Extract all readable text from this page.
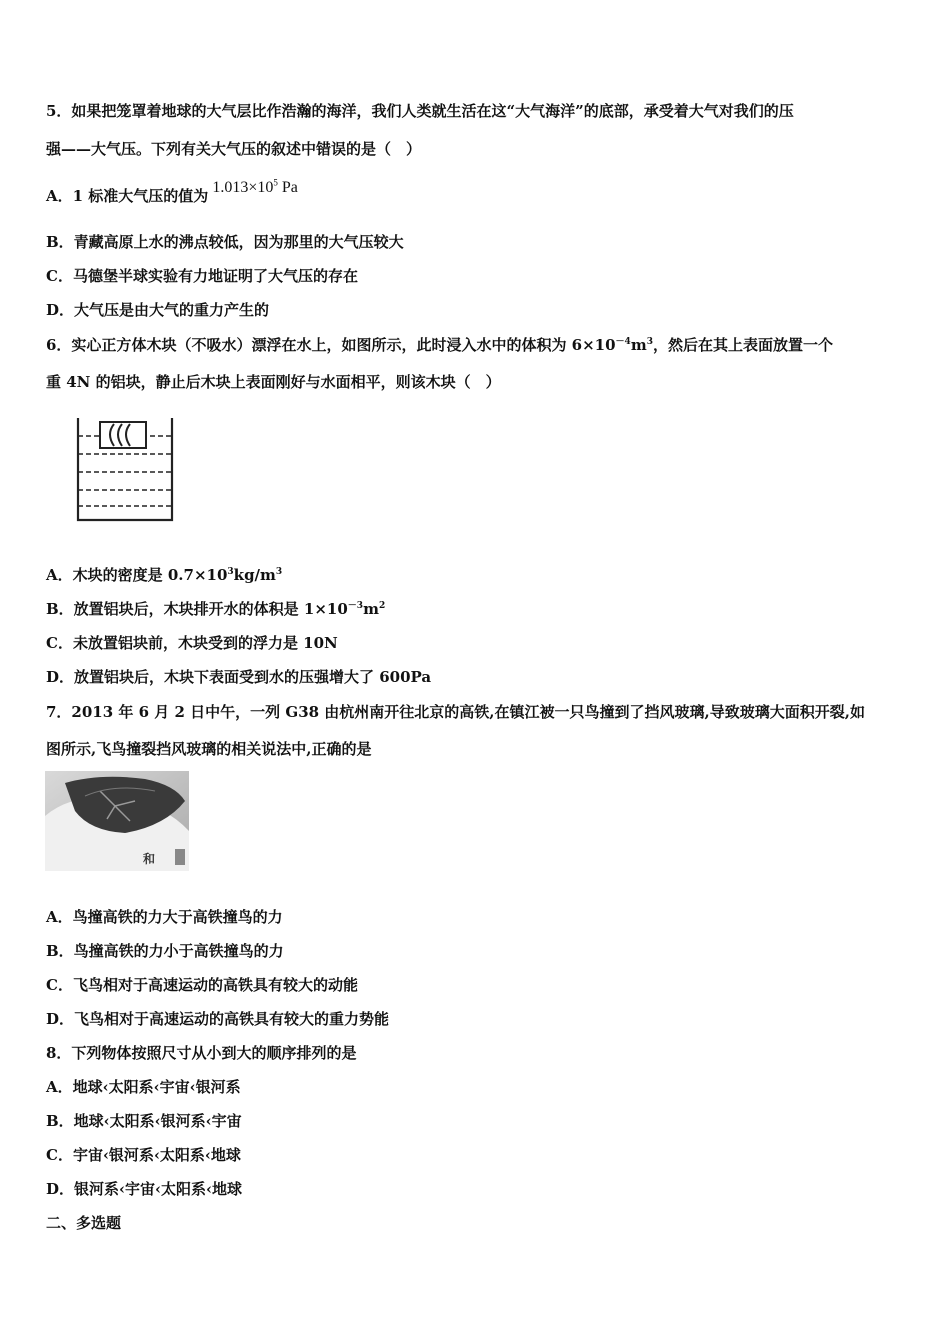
5．如果把笼罩着地球的大气层比作浩瀚的海洋，我们人类就生活在这“大气海洋”的底部，承受着大气对我们的压
强——大气压。下列有关大气压的叙述中错误的是（　）
A．1 标准大气压的值为 $1.013\times 10^5$ Pa
B．青藏高原上水的沸点较低，因为那里的大气压较大
C．马德堡半球实验有力地证明了大气压的存在
D．大气压是由大气的重力产生的
6．实心正方体木块（不吸水）漂浮在水上，如图所示，此时浸入水中的体积为 $6\times 10^{-4}m^3$，然后在其上表面放置一个
重 4N 的铝块，静止后木块上表面刚好与水面相平，则该木块（　）
A．木块的密度是 $0.7\times 10^3kg/m^3$
B．放置铝块后，木块排开水的体积是 $1\times 10^{-3}m^2$
C．未放置铝块前，木块受到的浮力是 10N
D．放置铝块后，木块下表面受到水的压强增大了 600Pa
7．2013 年 6 月 2 日中午，一列 G38 由杭州南开往北京的高铁,在镇江被一只鸟撞到了挡风玻璃,导致玻璃大面积开裂,如
图所示,飞鸟撞裂挡风玻璃的相关说法中,正确的是
和
A．鸟撞高铁的力大于高铁撞鸟的力
B．鸟撞高铁的力小于高铁撞鸟的力
C．飞鸟相对于高速运动的高铁具有较大的动能
D．飞鸟相对于高速运动的高铁具有较大的重力势能
8．下列物体按照尺寸从小到大的顺序排列的是
A．地球‹太阳系‹宇宙‹银河系
B．地球‹太阳系‹银河系‹宇宙
C．宇宙‹银河系‹太阳系‹地球
D．银河系‹宇宙‹太阳系‹地球
二、多选题
